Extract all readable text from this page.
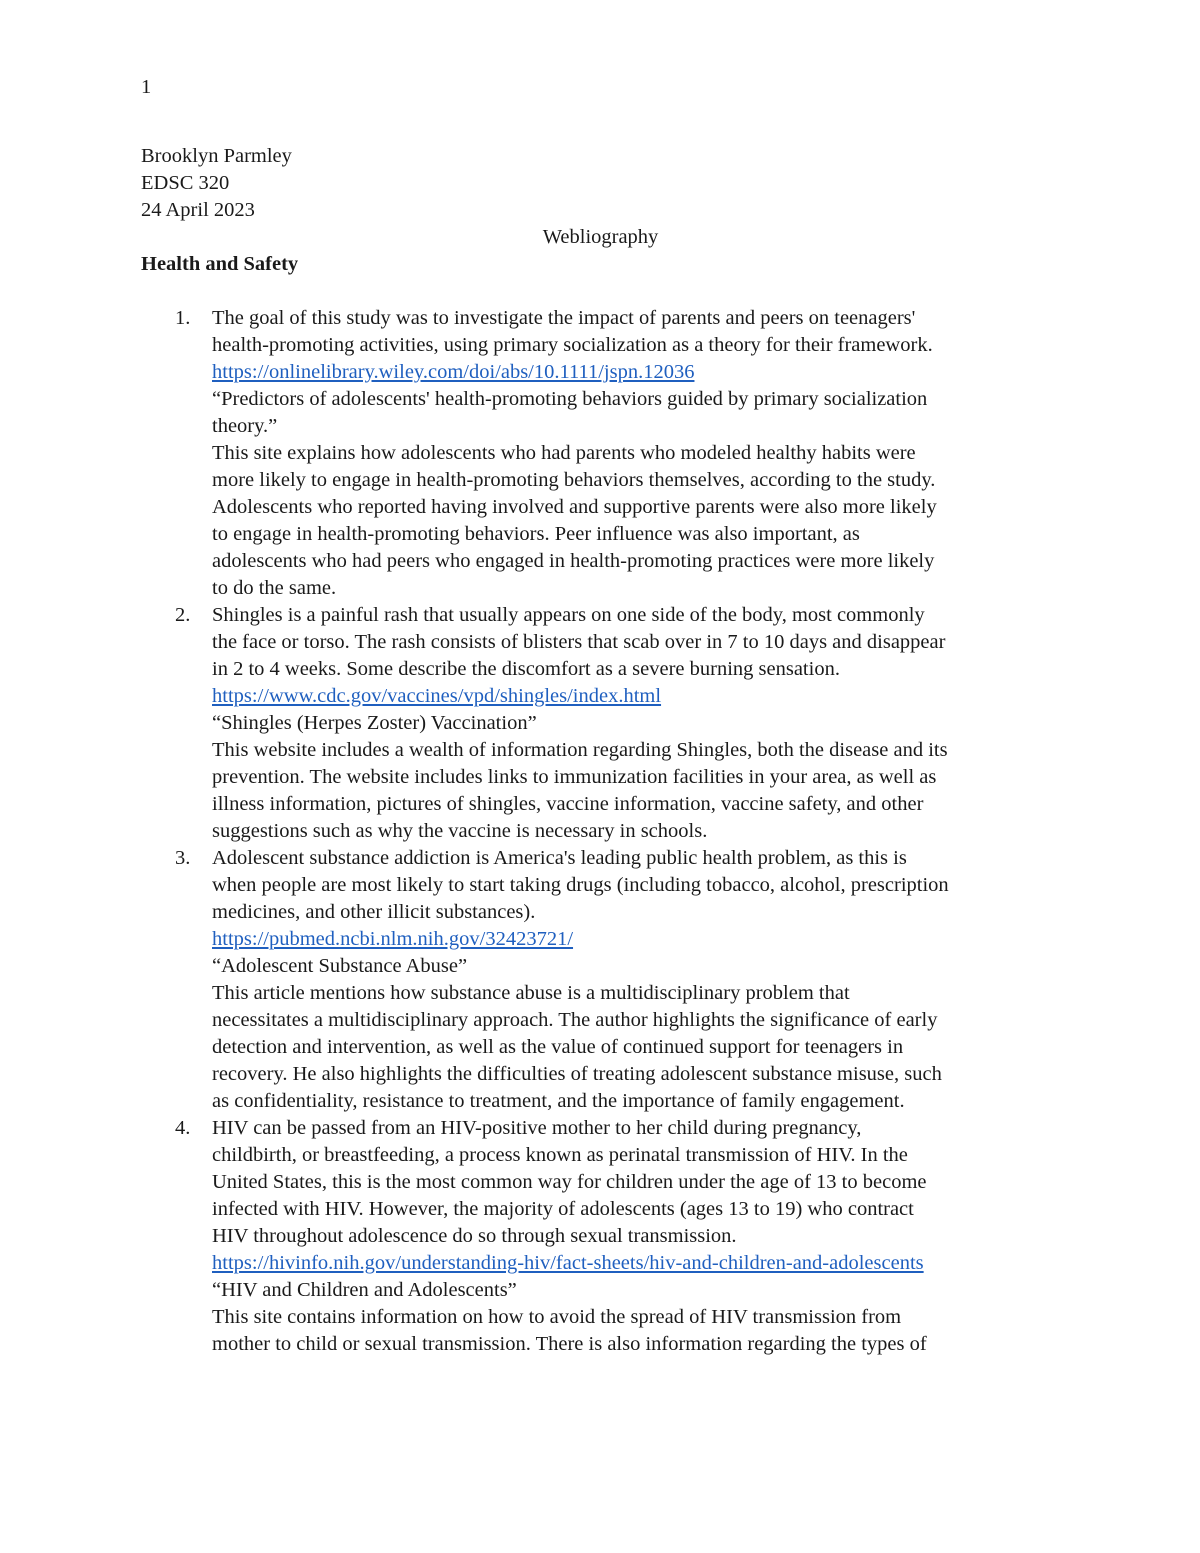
1
Brooklyn Parmley
EDSC 320
24 April 2023
Webliography
Health and Safety
1. The goal of this study was to investigate the impact of parents and peers on teenagers'
health-promoting activities, using primary socialization as a theory for their framework.
https://onlinelibrary.wiley.com/doi/abs/10.1111/jspn.12036
“Predictors of adolescents' health-promoting behaviors guided by primary socialization
theory.”
This site explains how adolescents who had parents who modeled healthy habits were
more likely to engage in health-promoting behaviors themselves, according to the study.
Adolescents who reported having involved and supportive parents were also more likely
to engage in health-promoting behaviors. Peer influence was also important, as
adolescents who had peers who engaged in health-promoting practices were more likely
to do the same.
2. Shingles is a painful rash that usually appears on one side of the body, most commonly
the face or torso. The rash consists of blisters that scab over in 7 to 10 days and disappear
in 2 to 4 weeks. Some describe the discomfort as a severe burning sensation.
https://www.cdc.gov/vaccines/vpd/shingles/index.html
“Shingles (Herpes Zoster) Vaccination”
This website includes a wealth of information regarding Shingles, both the disease and its
prevention. The website includes links to immunization facilities in your area, as well as
illness information, pictures of shingles, vaccine information, vaccine safety, and other
suggestions such as why the vaccine is necessary in schools.
3. Adolescent substance addiction is America's leading public health problem, as this is
when people are most likely to start taking drugs (including tobacco, alcohol, prescription
medicines, and other illicit substances).
https://pubmed.ncbi.nlm.nih.gov/32423721/
“Adolescent Substance Abuse”
This article mentions how substance abuse is a multidisciplinary problem that
necessitates a multidisciplinary approach. The author highlights the significance of early
detection and intervention, as well as the value of continued support for teenagers in
recovery. He also highlights the difficulties of treating adolescent substance misuse, such
as confidentiality, resistance to treatment, and the importance of family engagement.
4. HIV can be passed from an HIV-positive mother to her child during pregnancy,
childbirth, or breastfeeding, a process known as perinatal transmission of HIV. In the
United States, this is the most common way for children under the age of 13 to become
infected with HIV. However, the majority of adolescents (ages 13 to 19) who contract
HIV throughout adolescence do so through sexual transmission.
https://hivinfo.nih.gov/understanding-hiv/fact-sheets/hiv-and-children-and-adolescents
“HIV and Children and Adolescents”
This site contains information on how to avoid the spread of HIV transmission from
mother to child or sexual transmission. There is also information regarding the types of
